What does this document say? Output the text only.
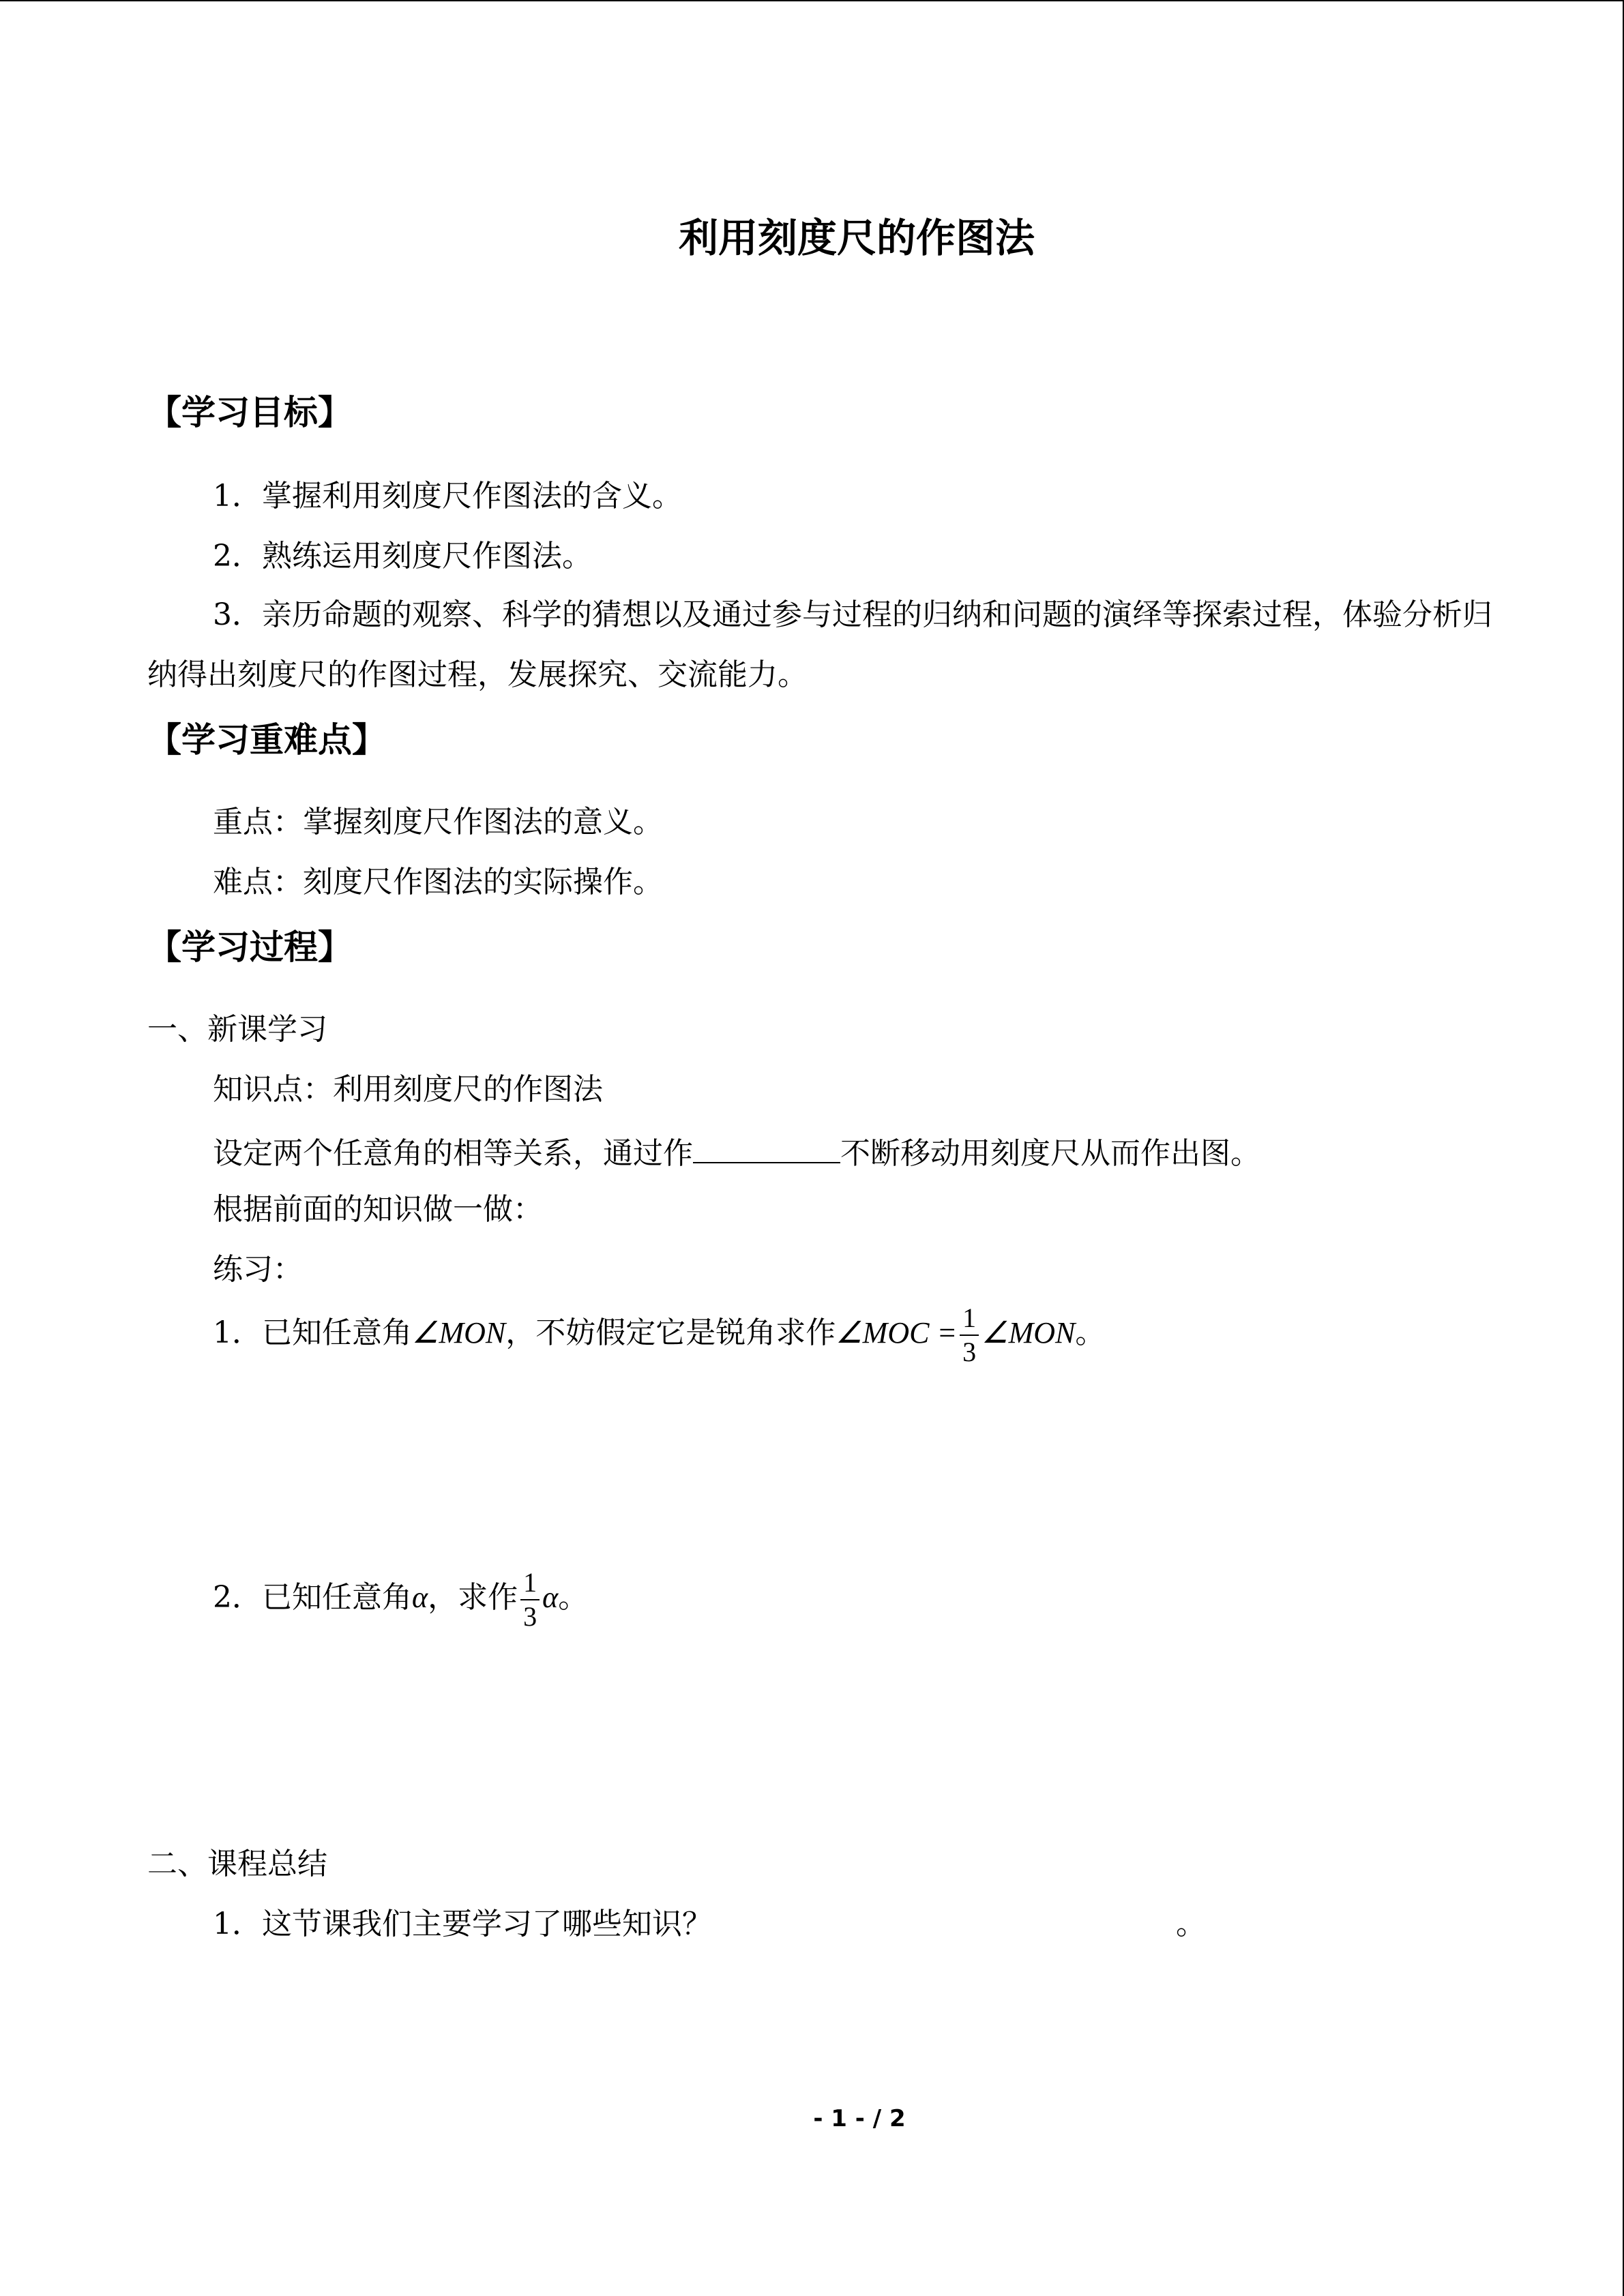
利用刻度尺的作图法
【学习目标】
1．掌握利用刻度尺作图法的含义。
2．熟练运用刻度尺作图法。
3．亲历命题的观察、科学的猜想以及通过参与过程的归纳和问题的演绎等探索过程，体验分析归纳得出刻度尺的作图过程，发展探究、交流能力。
【学习重难点】
重点：掌握刻度尺作图法的意义。
难点：刻度尺作图法的实际操作。
【学习过程】
一、新课学习
知识点：利用刻度尺的作图法
设定两个任意角的相等关系，通过作	不断移动用刻度尺从而作出图。
根据前面的知识做一做：
练习：
1．已知任意角∠MON，不妨假定它是锐角求作∠MOC = $\frac{1}{3}$ ∠MON。
2．已知任意角α，求作 $\frac{1}{3}$ α。
二、课程总结
1．这节课我们主要学习了哪些知识？	。
- 1 - / 2
